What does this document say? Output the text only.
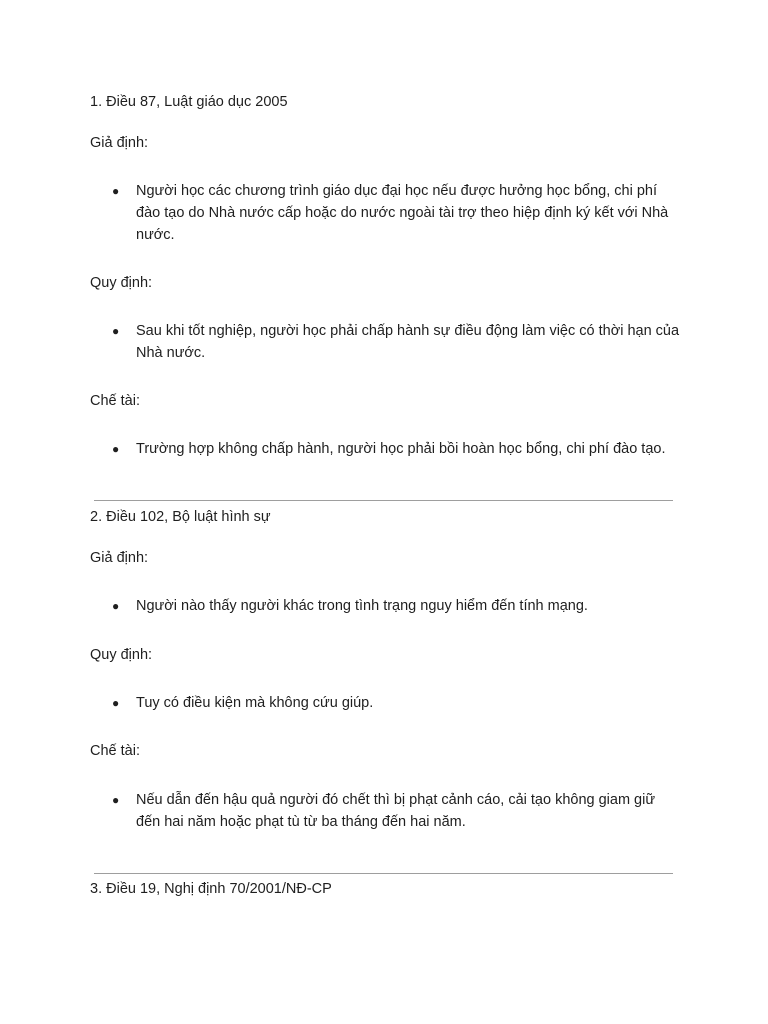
1. Điều 87, Luật giáo dục 2005
Giả định:
● Người học các chương trình giáo dục đại học nếu được hưởng học bổng, chi phí đào tạo do Nhà nước cấp hoặc do nước ngoài tài trợ theo hiệp định ký kết với Nhà nước.
Quy định:
● Sau khi tốt nghiệp, người học phải chấp hành sự điều động làm việc có thời hạn của Nhà nước.
Chế tài:
● Trường hợp không chấp hành, người học phải bồi hoàn học bổng, chi phí đào tạo.
2. Điều 102, Bộ luật hình sự
Giả định:
● Người nào thấy người khác trong tình trạng nguy hiểm đến tính mạng.
Quy định:
● Tuy có điều kiện mà không cứu giúp.
Chế tài:
● Nếu dẫn đến hậu quả người đó chết thì bị phạt cảnh cáo, cải tạo không giam giữ đến hai năm hoặc phạt tù từ ba tháng đến hai năm.
3. Điều 19, Nghị định 70/2001/NĐ-CP
